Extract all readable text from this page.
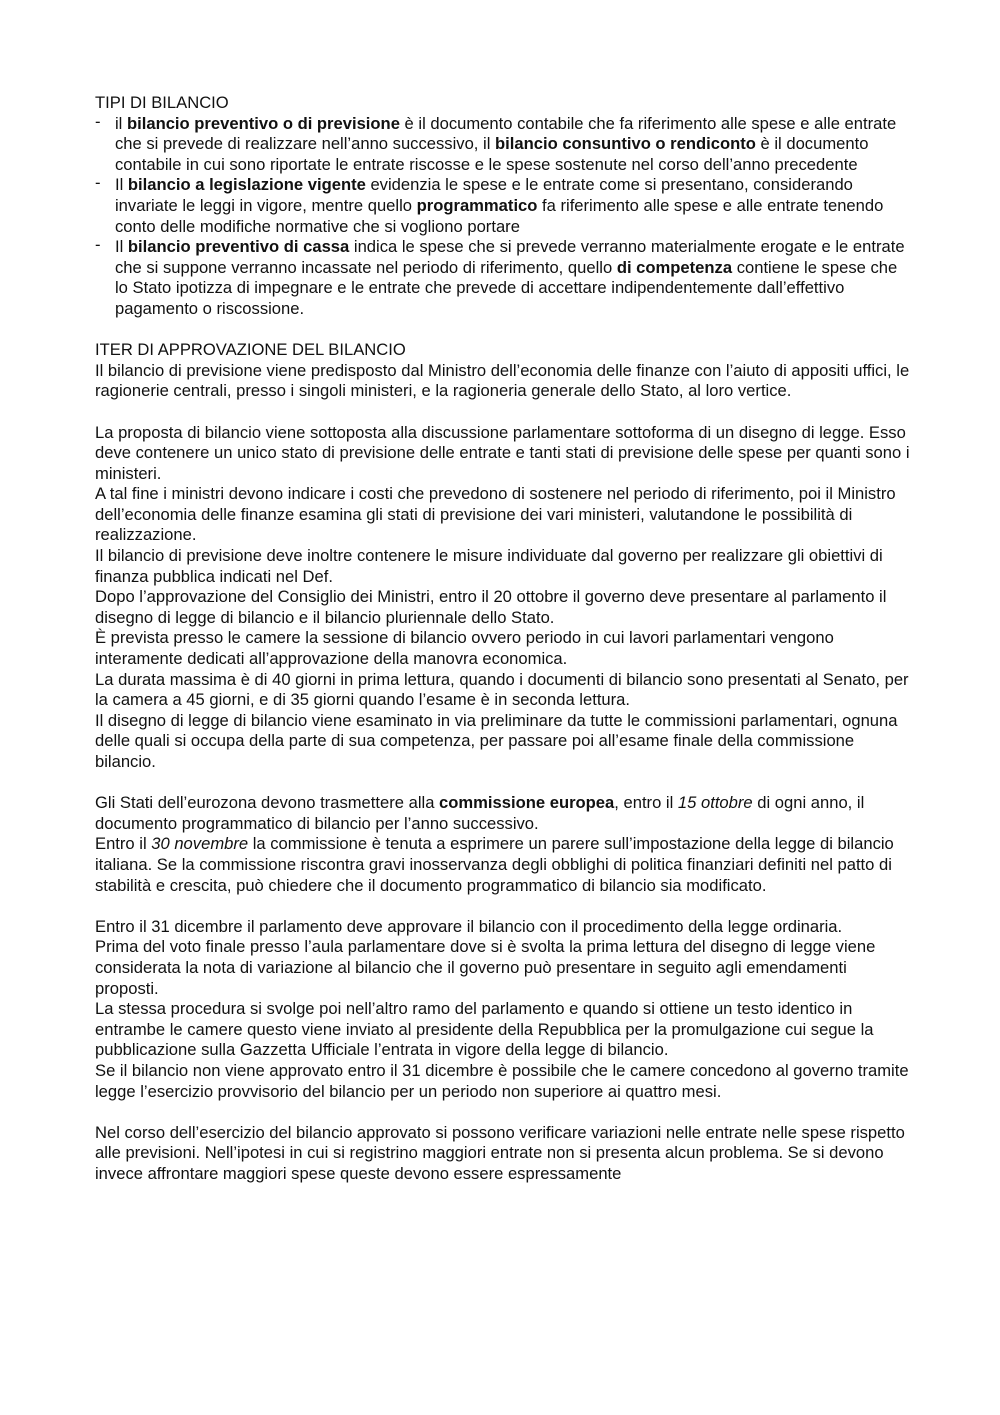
TIPI DI BILANCIO
- il bilancio preventivo o di previsione è il documento contabile che fa riferimento alle spese e alle entrate che si prevede di realizzare nell’anno successivo, il bilancio consuntivo o rendiconto è il documento contabile in cui sono riportate le entrate riscosse e le spese sostenute nel corso dell’anno precedente
- Il bilancio a legislazione vigente evidenzia le spese e le entrate come si presentano, considerando invariate le leggi in vigore, mentre quello programmatico fa riferimento alle spese e alle entrate tenendo conto delle modifiche normative che si vogliono portare
- Il bilancio preventivo di cassa indica le spese che si prevede verranno materialmente erogate e le entrate che si suppone verranno incassate nel periodo di riferimento, quello di competenza contiene le spese che lo Stato ipotizza di impegnare e le entrate che prevede di accettare indipendentemente dall’effettivo pagamento o riscossione.
ITER DI APPROVAZIONE DEL BILANCIO

Il bilancio di previsione viene predisposto dal Ministro dell’economia delle finanze con l’aiuto di appositi uffici, le ragionerie centrali, presso i singoli ministeri, e la ragioneria generale dello Stato, al loro vertice.

La proposta di bilancio viene sottoposta alla discussione parlamentare sottoforma di un disegno di legge. Esso deve contenere un unico stato di previsione delle entrate e tanti stati di previsione delle spese per quanti sono i ministeri.

A tal fine i ministri devono indicare i costi che prevedono di sostenere nel periodo di riferimento, poi il Ministro dell’economia delle finanze esamina gli stati di previsione dei vari ministeri, valutandone le possibilità di realizzazione.

Il bilancio di previsione deve inoltre contenere le misure individuate dal governo per realizzare gli obiettivi di finanza pubblica indicati nel Def.

Dopo l’approvazione del Consiglio dei Ministri, entro il 20 ottobre il governo deve presentare al parlamento il disegno di legge di bilancio e il bilancio pluriennale dello Stato.

È prevista presso le camere la sessione di bilancio ovvero periodo in cui lavori parlamentari vengono interamente dedicati all’approvazione della manovra economica.

La durata massima è di 40 giorni in prima lettura, quando i documenti di bilancio sono presentati al Senato, per la camera a 45 giorni, e di 35 giorni quando l’esame è in seconda lettura.

Il disegno di legge di bilancio viene esaminato in via preliminare da tutte le commissioni parlamentari, ognuna delle quali si occupa della parte di sua competenza, per passare poi all’esame finale della commissione bilancio.

Gli Stati dell’eurozona devono trasmettere alla commissione europea, entro il 15 ottobre di ogni anno, il documento programmatico di bilancio per l’anno successivo.

Entro il 30 novembre la commissione è tenuta a esprimere un parere sull’impostazione della legge di bilancio italiana. Se la commissione riscontra gravi inosservanza degli obblighi di politica finanziari definiti nel patto di stabilità e crescita, può chiedere che il documento programmatico di bilancio sia modificato.

Entro il 31 dicembre il parlamento deve approvare il bilancio con il procedimento della legge ordinaria.

Prima del voto finale presso l’aula parlamentare dove si è svolta la prima lettura del disegno di legge viene considerata la nota di variazione al bilancio che il governo può presentare in seguito agli emendamenti proposti.

La stessa procedura si svolge poi nell’altro ramo del parlamento e quando si ottiene un testo identico in entrambe le camere questo viene inviato al presidente della Repubblica per la promulgazione cui segue la pubblicazione sulla Gazzetta Ufficiale l’entrata in vigore della legge di bilancio.

Se il bilancio non viene approvato entro il 31 dicembre è possibile che le camere concedono al governo tramite legge l’esercizio provvisorio del bilancio per un periodo non superiore ai quattro mesi.

Nel corso dell’esercizio del bilancio approvato si possono verificare variazioni nelle entrate nelle spese rispetto alle previsioni. Nell’ipotesi in cui si registrino maggiori entrate non si presenta alcun problema. Se si devono invece affrontare maggiori spese queste devono essere espressamente
